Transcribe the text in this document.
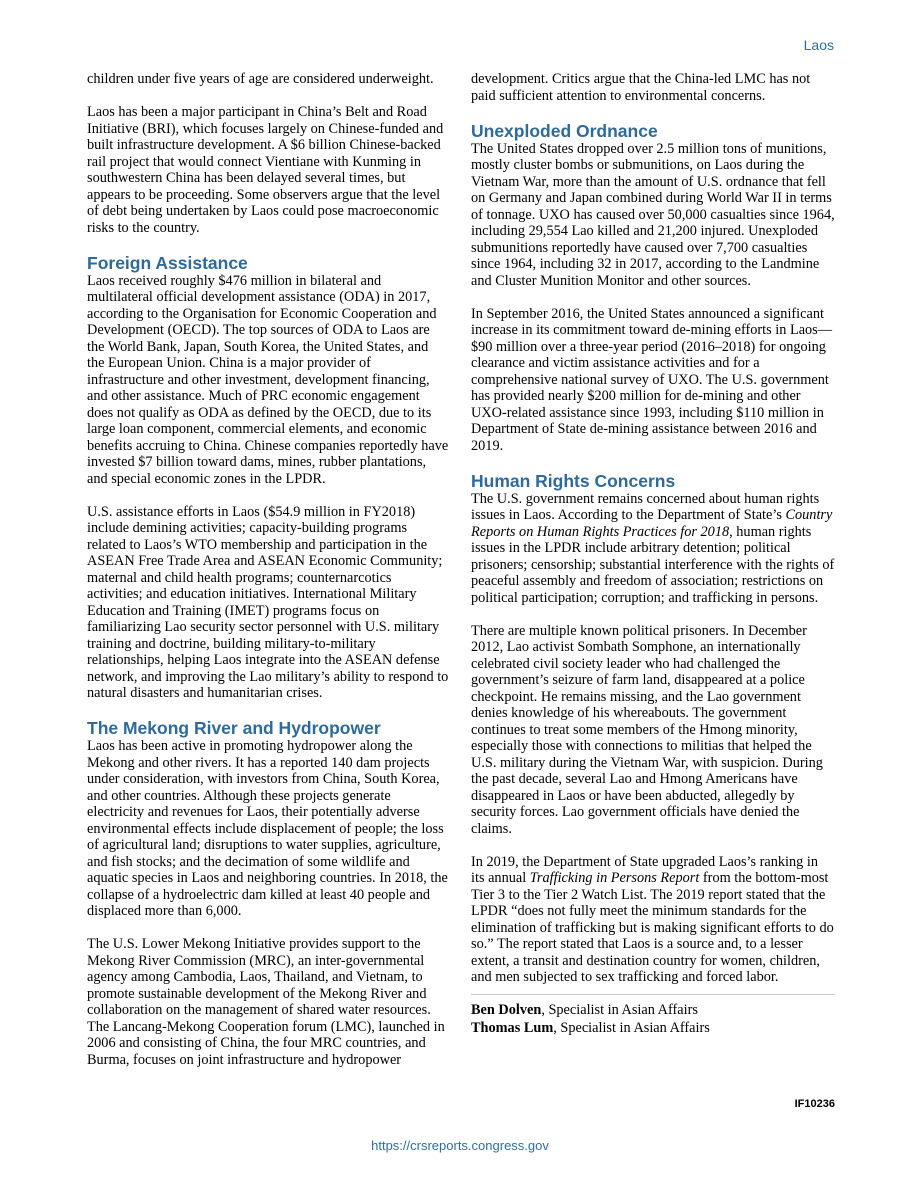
Laos

children under five years of age are considered underweight.

Laos has been a major participant in China’s Belt and Road Initiative (BRI), which focuses largely on Chinese-funded and built infrastructure development. A $6 billion Chinese-backed rail project that would connect Vientiane with Kunming in southwestern China has been delayed several times, but appears to be proceeding. Some observers argue that the level of debt being undertaken by Laos could pose macroeconomic risks to the country.

Foreign Assistance

Laos received roughly $476 million in bilateral and multilateral official development assistance (ODA) in 2017, according to the Organisation for Economic Cooperation and Development (OECD). The top sources of ODA to Laos are the World Bank, Japan, South Korea, the United States, and the European Union. China is a major provider of infrastructure and other investment, development financing, and other assistance. Much of PRC economic engagement does not qualify as ODA as defined by the OECD, due to its large loan component, commercial elements, and economic benefits accruing to China. Chinese companies reportedly have invested $7 billion toward dams, mines, rubber plantations, and special economic zones in the LPDR.

U.S. assistance efforts in Laos ($54.9 million in FY2018) include demining activities; capacity-building programs related to Laos’s WTO membership and participation in the ASEAN Free Trade Area and ASEAN Economic Community; maternal and child health programs; counternarcotics activities; and education initiatives. International Military Education and Training (IMET) programs focus on familiarizing Lao security sector personnel with U.S. military training and doctrine, building military-to-military relationships, helping Laos integrate into the ASEAN defense network, and improving the Lao military’s ability to respond to natural disasters and humanitarian crises.

The Mekong River and Hydropower

Laos has been active in promoting hydropower along the Mekong and other rivers. It has a reported 140 dam projects under consideration, with investors from China, South Korea, and other countries. Although these projects generate electricity and revenues for Laos, their potentially adverse environmental effects include displacement of people; the loss of agricultural land; disruptions to water supplies, agriculture, and fish stocks; and the decimation of some wildlife and aquatic species in Laos and neighboring countries. In 2018, the collapse of a hydroelectric dam killed at least 40 people and displaced more than 6,000.

The U.S. Lower Mekong Initiative provides support to the Mekong River Commission (MRC), an inter-governmental agency among Cambodia, Laos, Thailand, and Vietnam, to promote sustainable development of the Mekong River and collaboration on the management of shared water resources. The Lancang-Mekong Cooperation forum (LMC), launched in 2006 and consisting of China, the four MRC countries, and Burma, focuses on joint infrastructure and hydropower

development. Critics argue that the China-led LMC has not paid sufficient attention to environmental concerns.

Unexploded Ordnance

The United States dropped over 2.5 million tons of munitions, mostly cluster bombs or submunitions, on Laos during the Vietnam War, more than the amount of U.S. ordnance that fell on Germany and Japan combined during World War II in terms of tonnage. UXO has caused over 50,000 casualties since 1964, including 29,554 Lao killed and 21,200 injured. Unexploded submunitions reportedly have caused over 7,700 casualties since 1964, including 32 in 2017, according to the Landmine and Cluster Munition Monitor and other sources.

In September 2016, the United States announced a significant increase in its commitment toward de-mining efforts in Laos—$90 million over a three-year period (2016–2018) for ongoing clearance and victim assistance activities and for a comprehensive national survey of UXO. The U.S. government has provided nearly $200 million for de-mining and other UXO-related assistance since 1993, including $110 million in Department of State de-mining assistance between 2016 and 2019.

Human Rights Concerns

The U.S. government remains concerned about human rights issues in Laos. According to the Department of State’s Country Reports on Human Rights Practices for 2018, human rights issues in the LPDR include arbitrary detention; political prisoners; censorship; substantial interference with the rights of peaceful assembly and freedom of association; restrictions on political participation; corruption; and trafficking in persons.

There are multiple known political prisoners. In December 2012, Lao activist Sombath Somphone, an internationally celebrated civil society leader who had challenged the government’s seizure of farm land, disappeared at a police checkpoint. He remains missing, and the Lao government denies knowledge of his whereabouts. The government continues to treat some members of the Hmong minority, especially those with connections to militias that helped the U.S. military during the Vietnam War, with suspicion. During the past decade, several Lao and Hmong Americans have disappeared in Laos or have been abducted, allegedly by security forces. Lao government officials have denied the claims.

In 2019, the Department of State upgraded Laos’s ranking in its annual Trafficking in Persons Report from the bottom-most Tier 3 to the Tier 2 Watch List. The 2019 report stated that the LPDR “does not fully meet the minimum standards for the elimination of trafficking but is making significant efforts to do so.” The report stated that Laos is a source and, to a lesser extent, a transit and destination country for women, children, and men subjected to sex trafficking and forced labor.

Ben Dolven, Specialist in Asian Affairs
Thomas Lum, Specialist in Asian Affairs
IF10236
https://crsreports.congress.gov
